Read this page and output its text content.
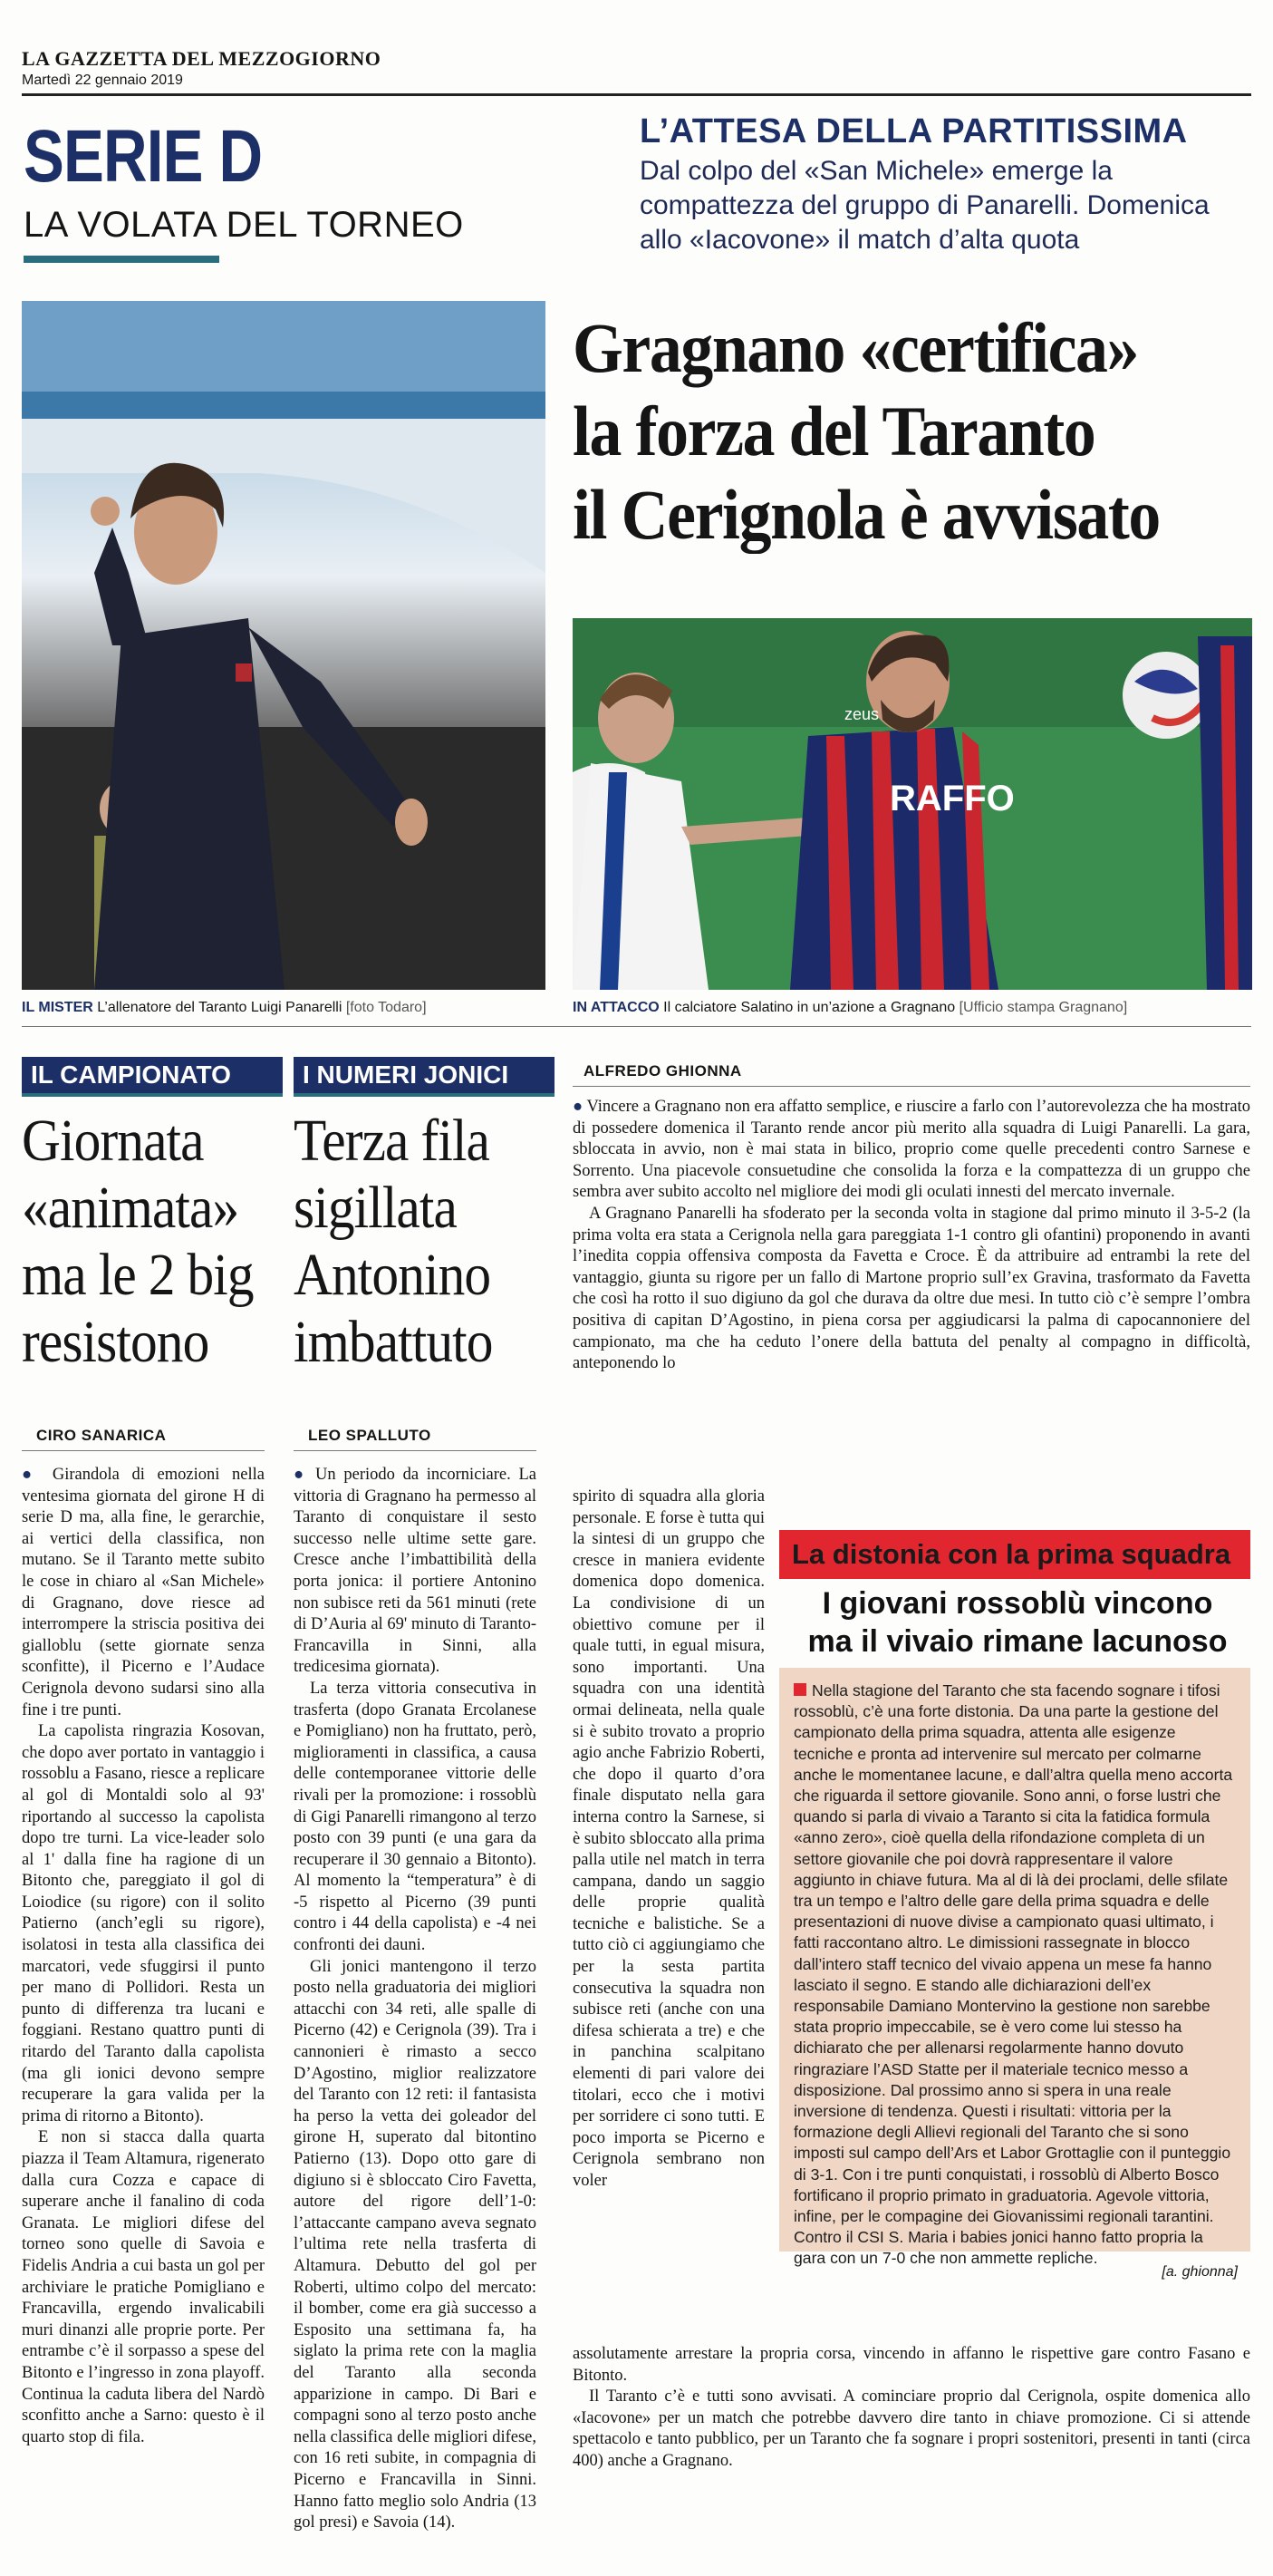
LA GAZZETTA DEL MEZZOGIORNO
Martedì 22 gennaio 2019
SERIE D
LA VOLATA DEL TORNEO
L’ATTESA DELLA PARTITISSIMA
Dal colpo del «San Michele» emerge la compattezza del gruppo di Panarelli. Domenica allo «Iacovone» il match d’alta quota
Gragnano «certifica»
la forza del Taranto
il Cerignola è avvisato
IL MISTER L’allenatore del Taranto Luigi Panarelli [foto Todaro]
RAFFO
zeus
IN ATTACCO Il calciatore Salatino in un’azione a Gragnano [Ufficio stampa Gragnano]
IL CAMPIONATO
Giornata
«animata»
ma le 2 big
resistono
CIRO SANARICA

● Girandola di emozioni nella ventesima giornata del girone H di serie D ma, alla fine, le gerarchie, ai vertici della classifica, non mutano. Se il Taranto mette subito le cose in chiaro al «San Michele» di Gragnano, dove riesce ad interrompere la striscia positiva dei gialloblu (sette giornate senza sconfitte), il Picerno e l’Audace Cerignola devono sudarsi sino alla fine i tre punti.

La capolista ringrazia Kosovan, che dopo aver portato in vantaggio i rossoblu a Fasano, riesce a replicare al gol di Montaldi solo al 93' riportando al successo la capolista dopo tre turni. La vice-leader solo al 1' dalla fine ha ragione di un Bitonto che, pareggiato il gol di Loiodice (su rigore) con il solito Patierno (anch’egli su rigore), isolatosi in testa alla classifica dei marcatori, vede sfuggirsi il punto per mano di Pollidori. Resta un punto di differenza tra lucani e foggiani. Restano quattro punti di ritardo del Taranto dalla capolista (ma gli ionici devono sempre recuperare la gara valida per la prima di ritorno a Bitonto).

E non si stacca dalla quarta piazza il Team Altamura, rigenerato dalla cura Cozza e capace di superare anche il fanalino di coda Granata. Le migliori difese del torneo sono quelle di Savoia e Fidelis Andria a cui basta un gol per archiviare le pratiche Pomigliano e Francavilla, ergendo invalicabili muri dinanzi alle proprie porte. Per entrambe c’è il sorpasso a spese del Bitonto e l’ingresso in zona playoff. Continua la caduta libera del Nardò sconfitto anche a Sarno: questo è il quarto stop di fila.

I NUMERI JONICI
Terza fila
sigillata
Antonino
imbattuto
LEO SPALLUTO

● Un periodo da incorniciare. La vittoria di Gragnano ha permesso al Taranto di conquistare il sesto successo nelle ultime sette gare. Cresce anche l’imbattibilità della porta jonica: il portiere Antonino non subisce reti da 561 minuti (rete di D’Auria al 69' minuto di Taranto-Francavilla in Sinni, alla tredicesima giornata).

La terza vittoria consecutiva in trasferta (dopo Granata Ercolanese e Pomigliano) non ha fruttato, però, miglioramenti in classifica, a causa delle contemporanee vittorie delle rivali per la promozione: i rossoblù di Gigi Panarelli rimangono al terzo posto con 39 punti (e una gara da recuperare il 30 gennaio a Bitonto). Al momento la “temperatura” è di -5 rispetto al Picerno (39 punti contro i 44 della capolista) e -4 nei confronti dei dauni.

Gli jonici mantengono il terzo posto nella graduatoria dei migliori attacchi con 34 reti, alle spalle di Picerno (42) e Cerignola (39). Tra i cannonieri è rimasto a secco D’Agostino, miglior realizzatore del Taranto con 12 reti: il fantasista ha perso la vetta dei goleador del girone H, superato dal bitontino Patierno (13). Dopo otto gare di digiuno si è sbloccato Ciro Favetta, autore del rigore dell’1-0: l’attaccante campano aveva segnato l’ultima rete nella trasferta di Altamura. Debutto del gol per Roberti, ultimo colpo del mercato: il bomber, come era già successo a Esposito una settimana fa, ha siglato la prima rete con la maglia del Taranto alla seconda apparizione in campo. Di Bari e compagni sono al terzo posto anche nella classifica delle migliori difese, con 16 reti subite, in compagnia di Picerno e Francavilla in Sinni. Hanno fatto meglio solo Andria (13 gol presi) e Savoia (14).

ALFREDO GHIONNA

● Vincere a Gragnano non era affatto semplice, e riuscire a farlo con l’autorevolezza che ha mostrato di possedere domenica il Taranto rende ancor più merito alla squadra di Luigi Panarelli. La gara, sbloccata in avvio, non è mai stata in bilico, proprio come quelle precedenti contro Sarnese e Sorrento. Una piacevole consuetudine che consolida la forza e la compattezza di un gruppo che sembra aver subito accolto nel migliore dei modi gli oculati innesti del mercato invernale.

A Gragnano Panarelli ha sfoderato per la seconda volta in stagione dal primo minuto il 3-5-2 (la prima volta era stata a Cerignola nella gara pareggiata 1-1 contro gli ofantini) proponendo in avanti l’inedita coppia offensiva composta da Favetta e Croce. È da attribuire ad entrambi la rete del vantaggio, giunta su rigore per un fallo di Martone proprio sull’ex Gravina, trasformato da Favetta che così ha rotto il suo digiuno da gol che durava da oltre due mesi. In tutto ciò c’è sempre l’ombra positiva di capitan D’Agostino, in piena corsa per aggiudicarsi la palma di capocannoniere del campionato, ma che ha ceduto l’onere della battuta del penalty al compagno in difficoltà, anteponendo lo

spirito di squadra alla gloria personale. E forse è tutta qui la sintesi di un gruppo che cresce in maniera evidente domenica dopo domenica. La condivisione di un obiettivo comune per il quale tutti, in egual misura, sono importanti. Una squadra con una identità ormai delineata, nella quale si è subito trovato a proprio agio anche Fabrizio Roberti, che dopo il quarto d’ora finale disputato nella gara interna contro la Sarnese, si è subito sbloccato alla prima palla utile nel match in terra campana, dando un saggio delle proprie qualità tecniche e balistiche. Se a tutto ciò ci aggiungiamo che per la sesta partita consecutiva la squadra non subisce reti (anche con una difesa schierata a tre) e che in panchina scalpitano elementi di pari valore dei titolari, ecco che i motivi per sorridere ci sono tutti. E poco importa se Picerno e Cerignola sembrano non voler

assolutamente arrestare la propria corsa, vincendo in affanno le rispettive gare contro Fasano e Bitonto.

Il Taranto c’è e tutti sono avvisati. A cominciare proprio dal Cerignola, ospite domenica allo «Iacovone» per un match che potrebbe davvero dire tanto in chiave promozione. Ci si attende spettacolo e tanto pubblico, per un Taranto che fa sognare i propri sostenitori, presenti in tanti (circa 400) anche a Gragnano.

La distonia con la prima squadra
I giovani rossoblù vincono ma il vivaio rimane lacunoso
Nella stagione del Taranto che sta facendo sognare i tifosi rossoblù, c’è una forte distonia. Da una parte la gestione del campionato della prima squadra, attenta alle esigenze tecniche e pronta ad intervenire sul mercato per colmarne anche le momentanee lacune, e dall’altra quella meno accorta che riguarda il settore giovanile. Sono anni, o forse lustri che quando si parla di vivaio a Taranto si cita la fatidica formula «anno zero», cioè quella della rifondazione completa di un settore giovanile che poi dovrà rappresentare il valore aggiunto in chiave futura. Ma al di là dei proclami, delle sfilate tra un tempo e l’altro delle gare della prima squadra e delle presentazioni di nuove divise a campionato quasi ultimato, i fatti raccontano altro. Le dimissioni rassegnate in blocco dall’intero staff tecnico del vivaio appena un mese fa hanno lasciato il segno. E stando alle dichiarazioni dell’ex responsabile Damiano Montervino la gestione non sarebbe stata proprio impeccabile, se è vero come lui stesso ha dichiarato che per allenarsi regolarmente hanno dovuto ringraziare l’ASD Statte per il materiale tecnico messo a disposizione. Dal prossimo anno si spera in una reale inversione di tendenza. Questi i risultati: vittoria per la formazione degli Allievi regionali del Taranto che si sono imposti sul campo dell’Ars et Labor Grottaglie con il punteggio di 3-1. Con i tre punti conquistati, i rossoblù di Alberto Bosco fortificano il proprio primato in graduatoria. Agevole vittoria, infine, per le compagine dei Giovanissimi regionali tarantini. Contro il CSI S. Maria i babies jonici hanno fatto propria la gara con un 7-0 che non ammette repliche.
[a. ghionna]
